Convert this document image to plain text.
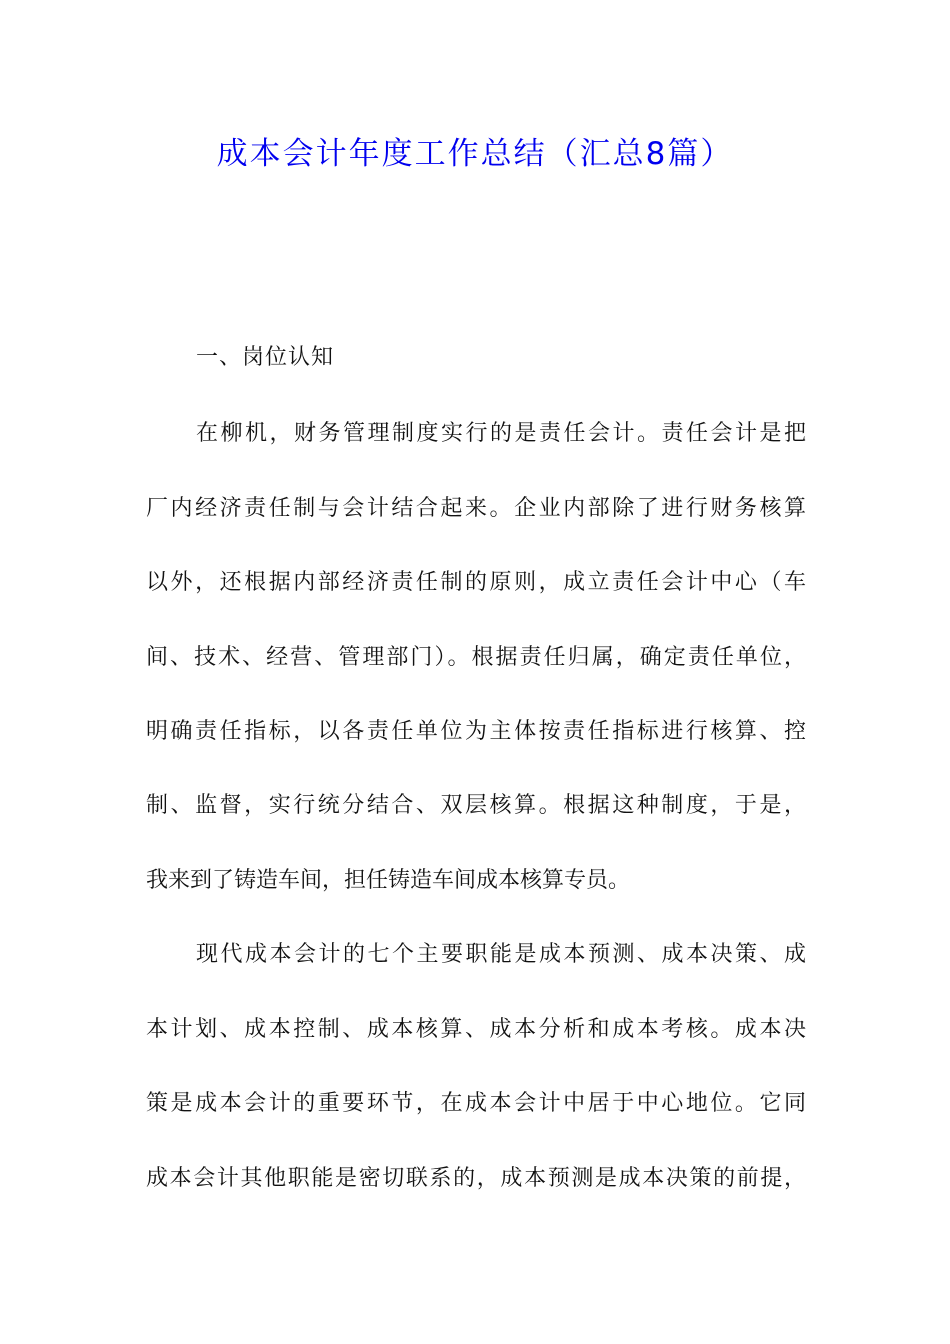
成本会计年度工作总结（汇总8篇）
一、岗位认知
在柳机，财务管理制度实行的是责任会计。责任会计是把
厂内经济责任制与会计结合起来。企业内部除了进行财务核算
以外，还根据内部经济责任制的原则，成立责任会计中心（车
间、技术、经营、管理部门）。根据责任归属，确定责任单位，
明确责任指标，以各责任单位为主体按责任指标进行核算、控
制、监督，实行统分结合、双层核算。根据这种制度，于是，
我来到了铸造车间，担任铸造车间成本核算专员。
现代成本会计的七个主要职能是成本预测、成本决策、成
本计划、成本控制、成本核算、成本分析和成本考核。成本决
策是成本会计的重要环节，在成本会计中居于中心地位。它同
成本会计其他职能是密切联系的，成本预测是成本决策的前提，
